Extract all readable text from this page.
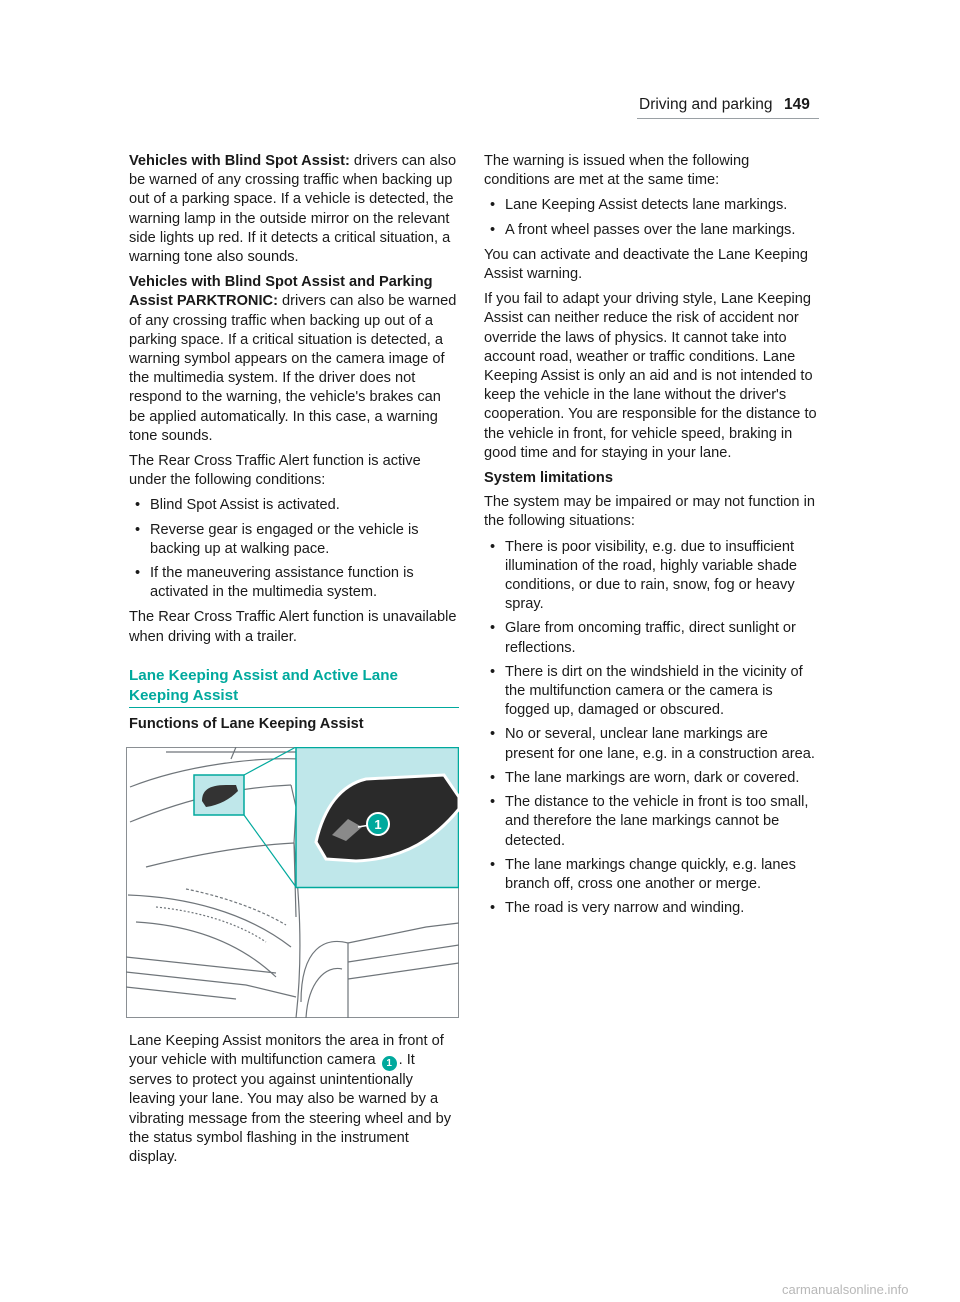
Driving and parking 149

Vehicles with Blind Spot Assist: drivers can also be warned of any crossing traffic when backing up out of a parking space. If a vehicle is detected, the warning lamp in the outside mirror on the relevant side lights up red. If it detects a critical situation, a warning tone also sounds.

Vehicles with Blind Spot Assist and Parking Assist PARKTRONIC: drivers can also be warned of any crossing traffic when backing up out of a parking space. If a critical situation is detected, a warning symbol appears on the camera image of the multimedia system. If the driver does not respond to the warning, the vehicle's brakes can be applied automatically. In this case, a warning tone sounds.

The Rear Cross Traffic Alert function is active under the following conditions:

• Blind Spot Assist is activated.
• Reverse gear is engaged or the vehicle is backing up at walking pace.
• If the maneuvering assistance function is activated in the multimedia system.

The Rear Cross Traffic Alert function is unavailable when driving with a trailer.

Lane Keeping Assist and Active Lane Keeping Assist
Functions of Lane Keeping Assist
1
Lane Keeping Assist monitors the area in front of your vehicle with multifunction camera 1 . It serves to protect you against unintentionally leaving your lane. You may also be warned by a vibrating message from the steering wheel and by the status symbol flashing in the instrument display.

The warning is issued when the following conditions are met at the same time:

• Lane Keeping Assist detects lane markings.
• A front wheel passes over the lane markings.

You can activate and deactivate the Lane Keeping Assist warning.

If you fail to adapt your driving style, Lane Keeping Assist can neither reduce the risk of accident nor override the laws of physics. It cannot take into account road, weather or traffic conditions. Lane Keeping Assist is only an aid and is not intended to keep the vehicle in the lane without the driver's cooperation. You are responsible for the distance to the vehicle in front, for vehicle speed, braking in good time and for staying in your lane.

System limitations

The system may be impaired or may not function in the following situations:

• There is poor visibility, e.g. due to insufficient illumination of the road, highly variable shade conditions, or due to rain, snow, fog or heavy spray.
• Glare from oncoming traffic, direct sunlight or reflections.
• There is dirt on the windshield in the vicinity of the multifunction camera or the camera is fogged up, damaged or obscured.
• No or several, unclear lane markings are present for one lane, e.g. in a construction area.
• The lane markings are worn, dark or covered.
• The distance to the vehicle in front is too small, and therefore the lane markings cannot be detected.
• The lane markings change quickly, e.g. lanes branch off, cross one another or merge.
• The road is very narrow and winding.
carmanualsonline.info
